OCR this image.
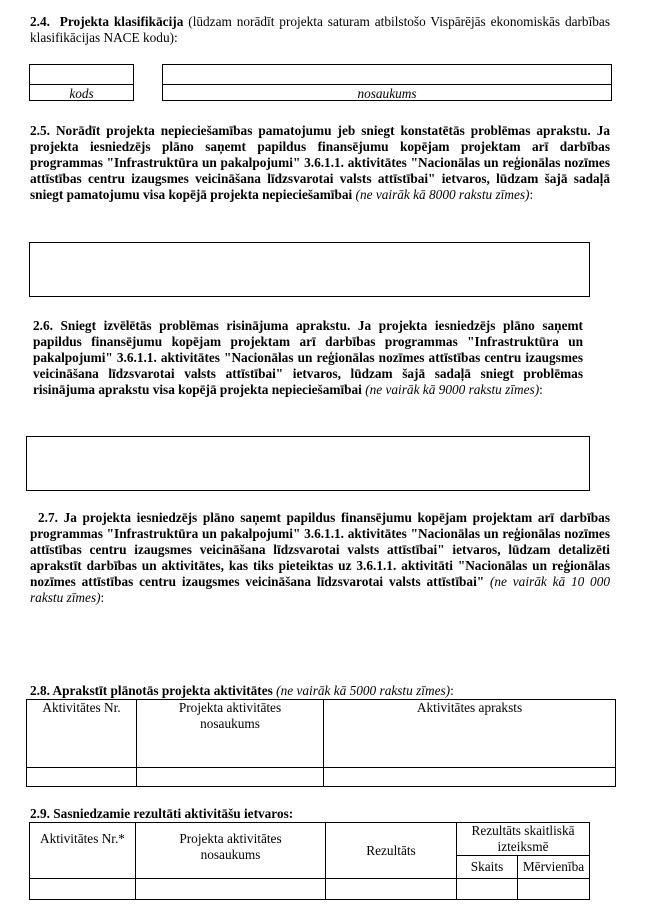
2.4. Projekta klasifikācija (lūdzam norādīt projekta saturam atbilstošo Vispārējās ekonomiskās darbības klasifikācijas NACE kodu):

kods	nosaukums

2.5. Norādīt projekta nepieciešamības pamatojumu jeb sniegt konstatētās problēmas aprakstu. Ja projekta iesniedzējs plāno saņemt papildus finansējumu kopējam projektam arī darbības programmas "Infrastruktūra un pakalpojumi" 3.6.1.1. aktivitātes "Nacionālas un reģionālas nozīmes attīstības centru izaugsmes veicināšana līdzsvarotai valsts attīstībai" ietvaros, lūdzam šajā sadaļā sniegt pamatojumu visa kopējā projekta nepieciešamībai (ne vairāk kā 8000 rakstu zīmes):

2.6. Sniegt izvēlētās problēmas risinājuma aprakstu. Ja projekta iesniedzējs plāno saņemt papildus finansējumu kopējam projektam arī darbības programmas "Infrastruktūra un pakalpojumi" 3.6.1.1. aktivitātes "Nacionālas un reģionālas nozīmes attīstības centru izaugsmes veicināšana līdzsvarotai valsts attīstībai" ietvaros, lūdzam šajā sadaļā sniegt problēmas risinājuma aprakstu visa kopējā projekta nepieciešamībai (ne vairāk kā 9000 rakstu zīmes):

2.7. Ja projekta iesniedzējs plāno saņemt papildus finansējumu kopējam projektam arī darbības programmas "Infrastruktūra un pakalpojumi" 3.6.1.1. aktivitātes "Nacionālas un reģionālas nozīmes attīstības centru izaugsmes veicināšana līdzsvarotai valsts attīstībai" ietvaros, lūdzam detalizēti aprakstīt darbības un aktivitātes, kas tiks pieteiktas uz 3.6.1.1. aktivitāti "Nacionālas un reģionālas nozīmes attīstības centru izaugsmes veicināšana līdzsvarotai valsts attīstībai" (ne vairāk kā 10 000 rakstu zīmes):

2.8. Aprakstīt plānotās projekta aktivitātes (ne vairāk kā 5000 rakstu zīmes):

Aktivitātes Nr.	Projekta aktivitātes nosaukums	Aktivitātes apraksts

2.9. Sasniedzamie rezultāti aktivitāšu ietvaros:
Aktivitātes Nr.*	Projekta aktivitātes nosaukums	Rezultāts	Rezultāts skaitliskā izteiksmē	
			Skaits	Mērvienība
